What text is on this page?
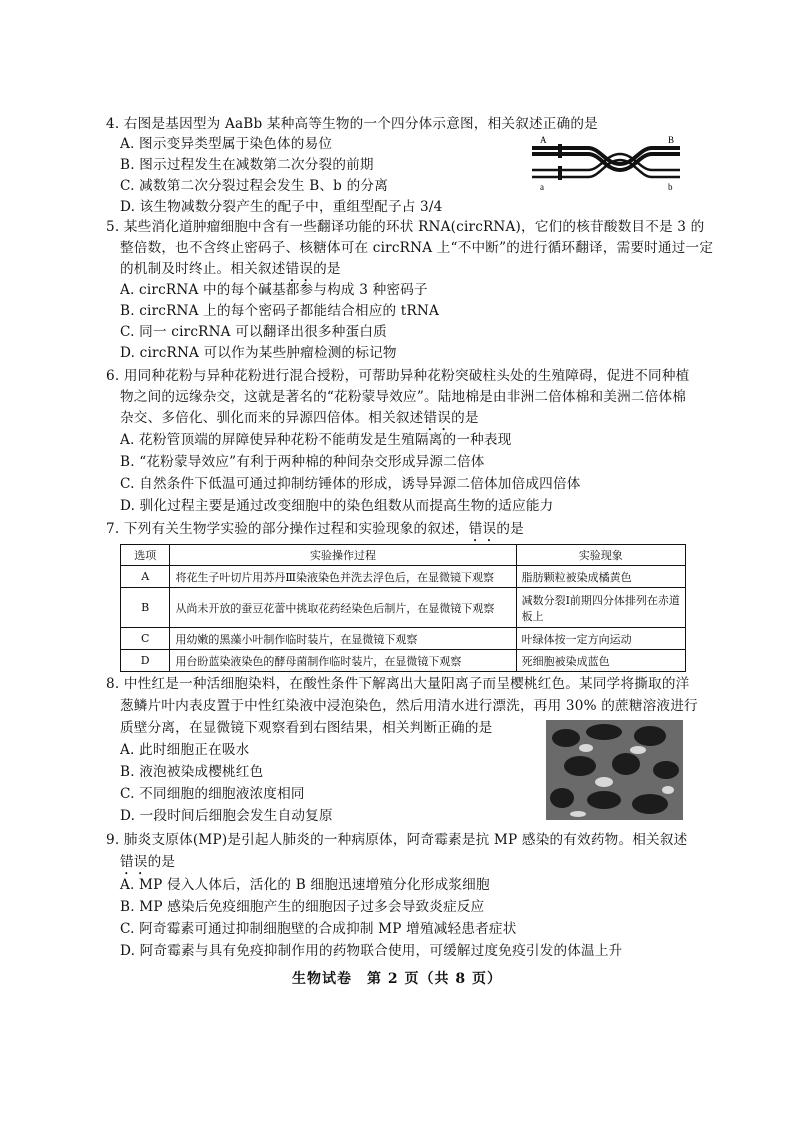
4. 右图是基因型为 AaBb 某种高等生物的一个四分体示意图，相关叙述正确的是
A. 图示变异类型属于染色体的易位
B. 图示过程发生在减数第二次分裂的前期
C. 减数第二次分裂过程会发生 B、b 的分离
D. 该生物减数分裂产生的配子中，重组型配子占 3/4
A	B
a	b
5. 某些消化道肿瘤细胞中含有一些翻译功能的环状 RNA(circRNA)，它们的核苷酸数目不是 3 的
整倍数，也不含终止密码子、核糖体可在 circRNA 上“不中断”的进行循环翻译，需要时通过一定
的机制及时终止。相关叙述错误的是
A. circRNA 中的每个碱基都参与构成 3 种密码子
B. circRNA 上的每个密码子都能结合相应的 tRNA
C. 同一 circRNA 可以翻译出很多种蛋白质
D. circRNA 可以作为某些肿瘤检测的标记物
6. 用同种花粉与异种花粉进行混合授粉，可帮助异种花粉突破柱头处的生殖障碍，促进不同种植
物之间的远缘杂交，这就是著名的“花粉蒙导效应”。陆地棉是由非洲二倍体棉和美洲二倍体棉
杂交、多倍化、驯化而来的异源四倍体。相关叙述错误的是
A. 花粉管顶端的屏障使异种花粉不能萌发是生殖隔离的一种表现
B. “花粉蒙导效应”有利于两种棉的种间杂交形成异源二倍体
C. 自然条件下低温可通过抑制纺锤体的形成，诱导异源二倍体加倍成四倍体
D. 驯化过程主要是通过改变细胞中的染色组数从而提高生物的适应能力
7. 下列有关生物学实验的部分操作过程和实验现象的叙述，错误的是
选项	实验操作过程	实验现象
A	将花生子叶切片用苏丹Ⅲ染液染色并洗去浮色后，在显微镜下观察	脂肪颗粒被染成橘黄色
B	从尚未开放的蚕豆花蕾中挑取花药经染色后制片，在显微镜下观察	减数分裂Ⅰ前期四分体排列在赤道板上
C	用幼嫩的黑藻小叶制作临时装片，在显微镜下观察	叶绿体按一定方向运动
D	用台盼蓝染液染色的酵母菌制作临时装片，在显微镜下观察	死细胞被染成蓝色
8. 中性红是一种活细胞染料，在酸性条件下解离出大量阳离子而呈樱桃红色。某同学将撕取的洋
葱鳞片叶内表皮置于中性红染液中浸泡染色，然后用清水进行漂洗，再用 30% 的蔗糖溶液进行
质壁分离，在显微镜下观察看到右图结果，相关判断正确的是
A. 此时细胞正在吸水
B. 液泡被染成樱桃红色
C. 不同细胞的细胞液浓度相同
D. 一段时间后细胞会发生自动复原
9. 肺炎支原体(MP)是引起人肺炎的一种病原体，阿奇霉素是抗 MP 感染的有效药物。相关叙述
错误的是
A. MP 侵入人体后，活化的 B 细胞迅速增殖分化形成浆细胞
B. MP 感染后免疫细胞产生的细胞因子过多会导致炎症反应
C. 阿奇霉素可通过抑制细胞壁的合成抑制 MP 增殖减轻患者症状
D. 阿奇霉素与具有免疫抑制作用的药物联合使用，可缓解过度免疫引发的体温上升
生物试卷　第 2 页（共 8 页）
